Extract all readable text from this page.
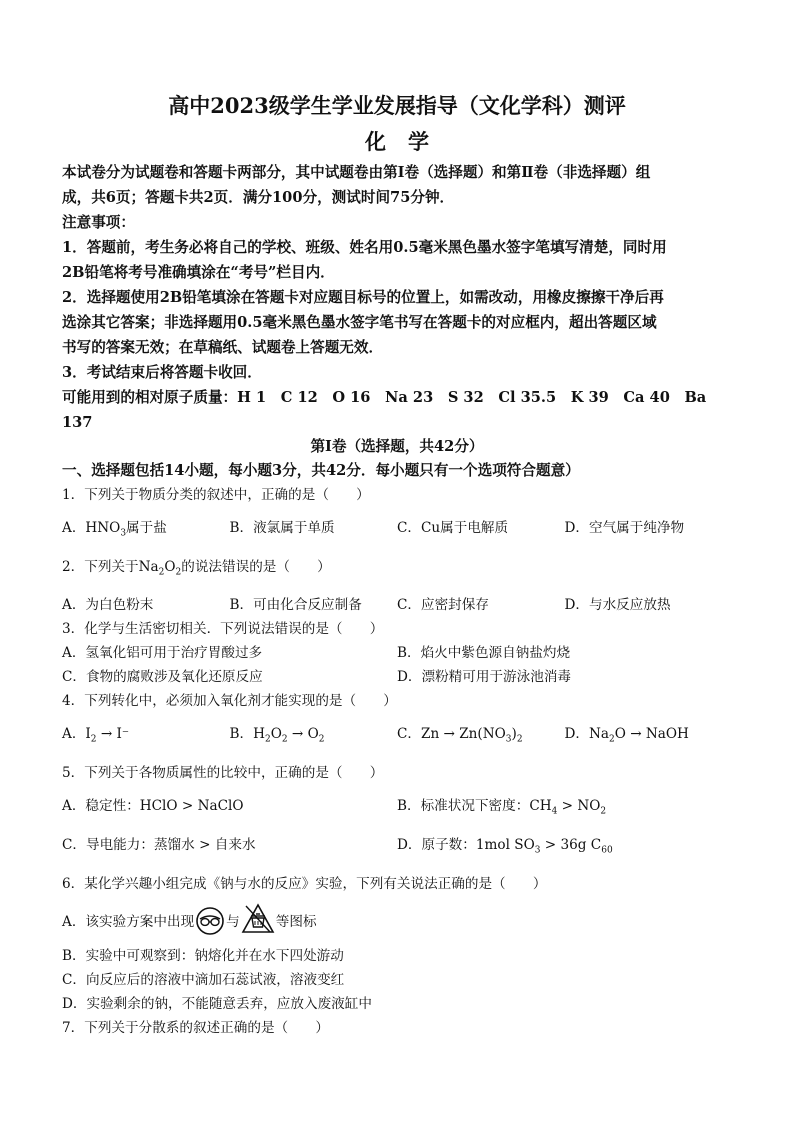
高中2023级学生学业发展指导（文化学科）测评

化学

本试卷分为试题卷和答题卡两部分，其中试题卷由第Ⅰ卷（选择题）和第Ⅱ卷（非选择题）组

成，共6页；答题卡共2页．满分100分，测试时间75分钟．

注意事项：

1．答题前，考生务必将自己的学校、班级、姓名用0.5毫米黑色墨水签字笔填写清楚，同时用

2B铅笔将考号准确填涂在“考号”栏目内．

2．选择题使用2B铅笔填涂在答题卡对应题目标号的位置上，如需改动，用橡皮擦擦干净后再

选涂其它答案；非选择题用0.5毫米黑色墨水签字笔书写在答题卡的对应框内，超出答题区域

书写的答案无效；在草稿纸、试题卷上答题无效．

3．考试结束后将答题卡收回．

可能用到的相对原子质量：H 1　C 12　O 16　Na 23　S 32　Cl 35.5　K 39　Ca 40　Ba 137

第Ⅰ卷（选择题，共42分）

一、选择题包括14小题，每小题3分，共42分．每小题只有一个选项符合题意）

1．下列关于物质分类的叙述中，正确的是（　　）

A．$HNO_3$属于盐	B．液氯属于单质	C．Cu属于电解质	D．空气属于纯净物

2．下列关于$Na_2O_2$的说法错误的是（　　）

A．为白色粉末	B．可由化合反应制备	C．应密封保存	D．与水反应放热

3．化学与生活密切相关．下列说法错误的是（　　）

A．氢氧化铝可用于治疗胃酸过多	B．焰火中紫色源自钠盐灼烧
C．食物的腐败涉及氧化还原反应	D．漂粉精可用于游泳池消毒

4．下列转化中，必须加入氧化剂才能实现的是（　　）

A．$I_2 \to I^-$	B．$H_2O_2 \to O_2$	C．$Zn \to Zn(NO_3)_2$	D．$Na_2O$ → NaOH

5．下列关于各物质属性的比较中，正确的是（　　）

A．稳定性：HClO > NaClO	B．标准状况下密度：$CH_4 > NO_2$
C．导电能力：蒸馏水 > 自来水	D．原子数：1mol $SO_3 > 36g$ $C_{60}$

6．某化学兴趣小组完成《钠与水的反应》实验，下列有关说法正确的是（　　）

A．该实验方案中出现 与	等图标

B．实验中可观察到：钠熔化并在水下四处游动

C．向反应后的溶液中滴加石蕊试液，溶液变红

D．实验剩余的钠，不能随意丢弃，应放入废液缸中

7．下列关于分散系的叙述正确的是（　　）
